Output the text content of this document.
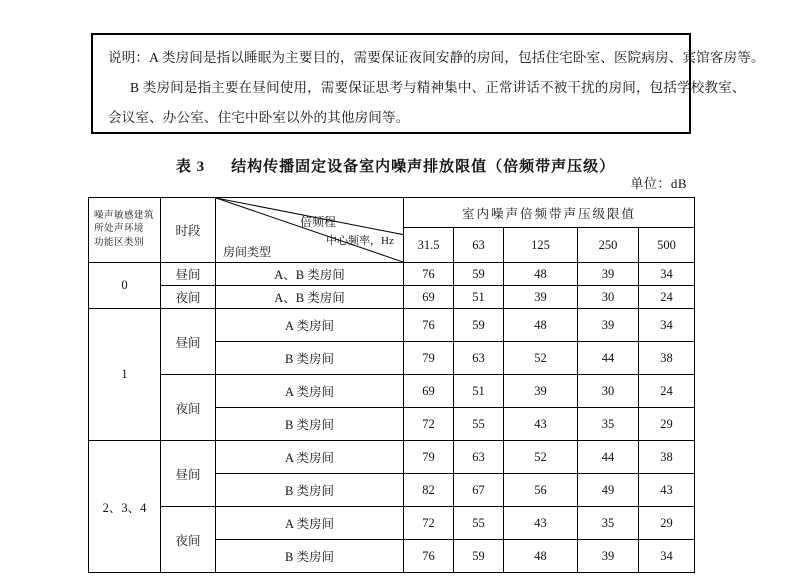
说明：A 类房间是指以睡眠为主要目的，需要保证夜间安静的房间，包括住宅卧室、医院病房、宾馆客房等。
B 类房间是指主要在昼间使用，需要保证思考与精神集中、正常讲话不被干扰的房间，包括学校教室、
会议室、办公室、住宅中卧室以外的其他房间等。
表 3 结构传播固定设备室内噪声排放限值（倍频带声压级）
单位：dB
噪声敏感建筑
所处声环境
功能区类别
	时段	
倍频程
中心频率，Hz
房间类型
	室内噪声倍频带声压级限值
			31.5	63	125	250	500
0	昼间	A、B 类房间	76	59	48	39	34
	夜间	A、B 类房间	69	51	39	30	24
1	昼间	A 类房间	76	59	48	39	34
		B 类房间	79	63	52	44	38
	夜间	A 类房间	69	51	39	30	24
		B 类房间	72	55	43	35	29
2、3、4	昼间	A 类房间	79	63	52	44	38
		B 类房间	82	67	56	49	43
	夜间	A 类房间	72	55	43	35	29
		B 类房间	76	59	48	39	34
